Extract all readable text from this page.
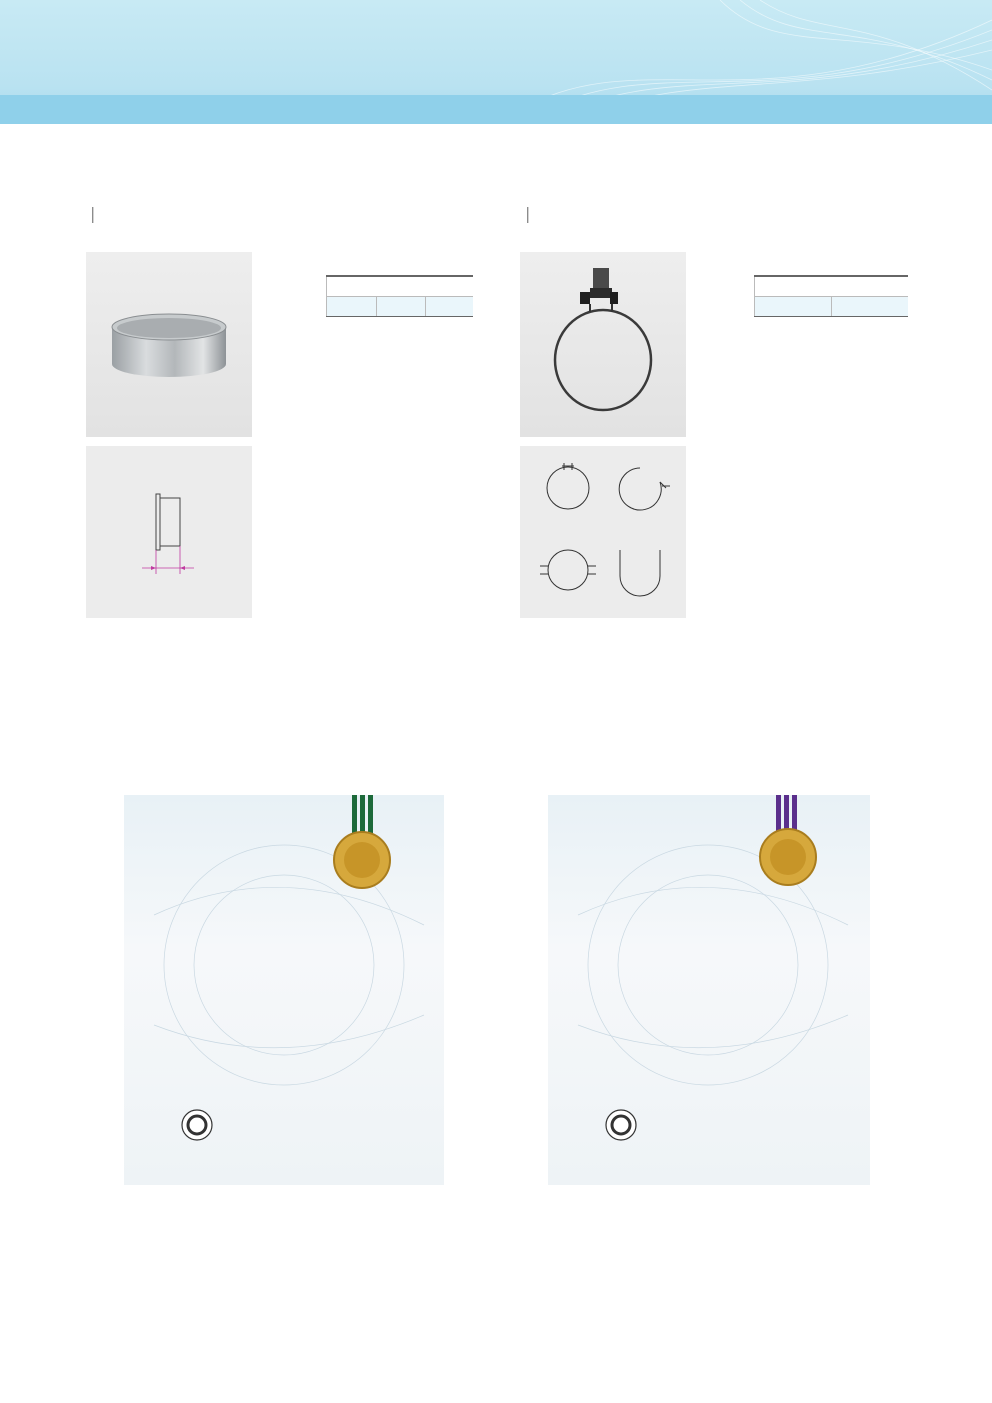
|

				|
